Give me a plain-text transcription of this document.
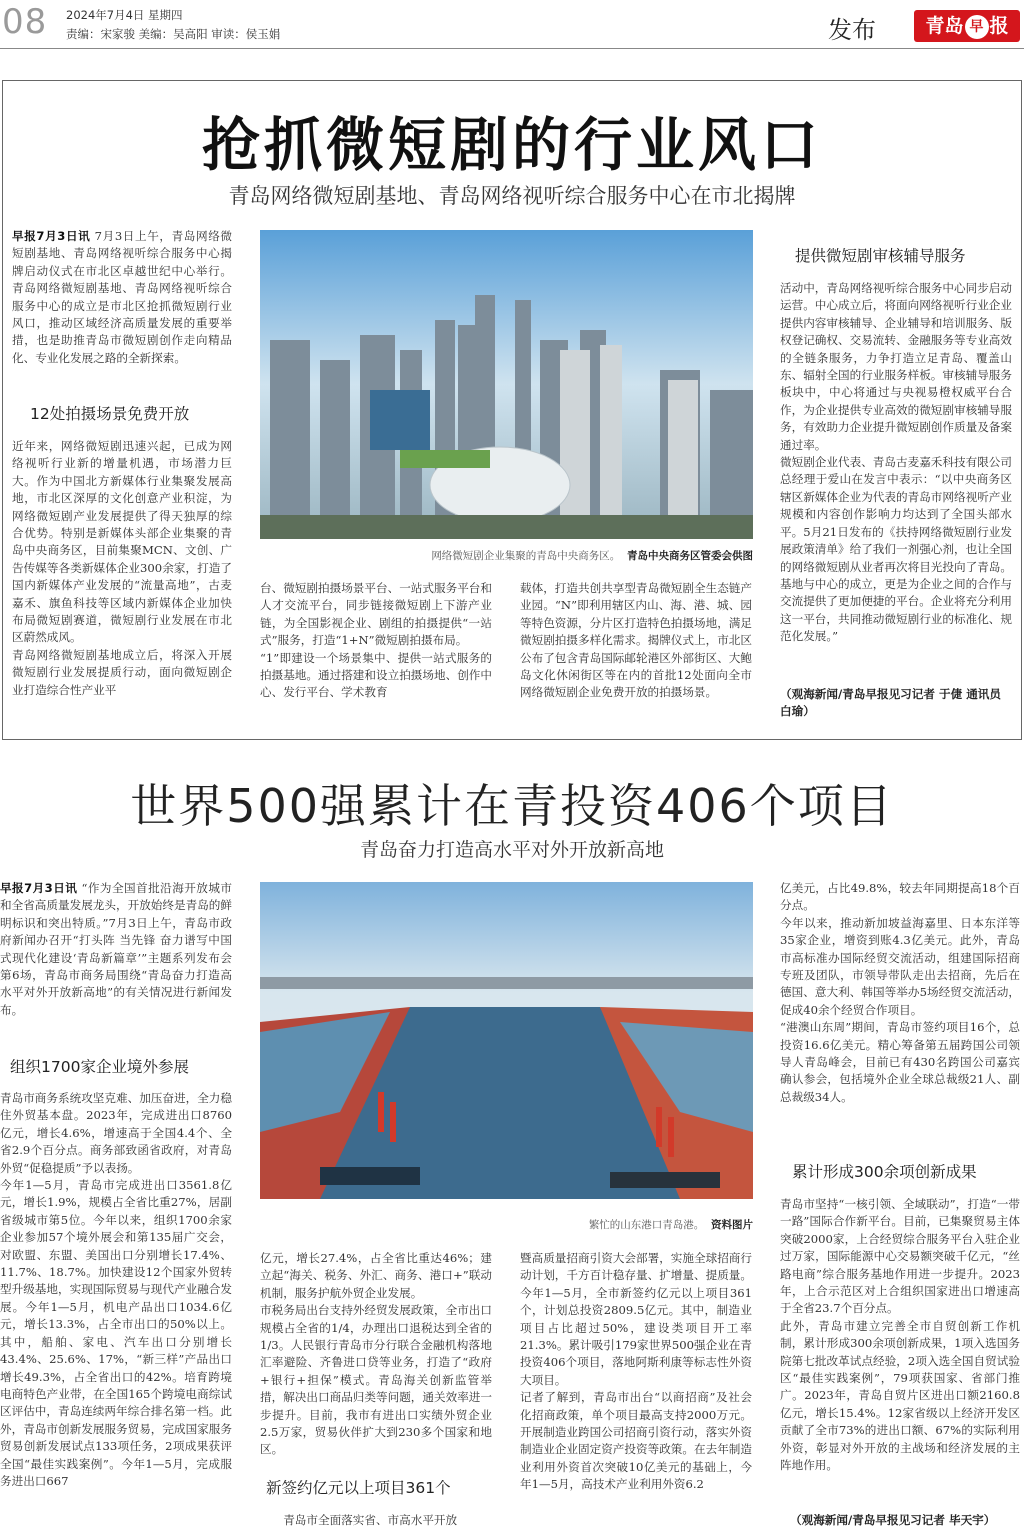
08 2024年7月4日 星期四
责编：宋家骏 美编：吴高阳 审读：侯玉娟	发布	青岛 早 报
抢抓微短剧的行业风口
青岛网络微短剧基地、青岛网络视听综合服务中心在市北揭牌
早报7月3日讯 7月3日上午，青岛网络微短剧基地、青岛网络视听综合服务中心揭牌启动仪式在市北区卓越世纪中心举行。青岛网络微短剧基地、青岛网络视听综合服务中心的成立是市北区抢抓微短剧行业风口，推动区域经济高质量发展的重要举措，也是助推青岛市微短剧创作走向精品化、专业化发展之路的全新探索。
12处拍摄场景免费开放
近年来，网络微短剧迅速兴起，已成为网络视听行业新的增量机遇，市场潜力巨大。作为中国北方新媒体行业集聚发展高地，市北区深厚的文化创意产业积淀，为网络微短剧产业发展提供了得天独厚的综合优势。特别是新媒体头部企业集聚的青岛中央商务区，目前集聚MCN、文创、广告传媒等各类新媒体企业300余家，打造了国内新媒体产业发展的“流量高地”，古麦嘉禾、旗鱼科技等区域内新媒体企业加快布局微短剧赛道，微短剧行业发展在市北区蔚然成风。
青岛网络微短剧基地成立后，将深入开展微短剧行业发展提质行动，面向微短剧企业打造综合性产业平
网络微短剧企业集聚的青岛中央商务区。 青岛中央商务区管委会供图
台、微短剧拍摄场景平台、一站式服务平台和人才交流平台，同步链接微短剧上下游产业链，为全国影视企业、剧组的拍摄提供“一站式”服务，打造“1+N”微短剧拍摄布局。
“1”即建设一个场景集中、提供一站式服务的拍摄基地。通过搭建和设立拍摄场地、创作中心、发行平台、学术教育
载体，打造共创共享型青岛微短剧全生态链产业园。“N”即利用辖区内山、海、港、城、园等特色资源，分片区打造特色拍摄场地，满足微短剧拍摄多样化需求。揭牌仪式上，市北区公布了包含青岛国际邮轮港区外部街区、大鲍岛文化休闲街区等在内的首批12处面向全市网络微短剧企业免费开放的拍摄场景。
提供微短剧审核辅导服务
活动中，青岛网络视听综合服务中心同步启动运营。中心成立后，将面向网络视听行业企业提供内容审核辅导、企业辅导和培训服务、版权登记确权、交易流转、金融服务等专业高效的全链条服务，力争打造立足青岛、覆盖山东、辐射全国的行业服务样板。审核辅导服务板块中，中心将通过与央视易橙权威平台合作，为企业提供专业高效的微短剧审核辅导服务，有效助力企业提升微短剧创作质量及备案通过率。
微短剧企业代表、青岛古麦嘉禾科技有限公司总经理于爱山在发言中表示：“以中央商务区辖区新媒体企业为代表的青岛市网络视听产业规模和内容创作影响力均达到了全国头部水平。5月21日发布的《扶持网络微短剧行业发展政策清单》给了我们一剂强心剂，也让全国的网络微短剧从业者再次将目光投向了青岛。基地与中心的成立，更是为企业之间的合作与交流提供了更加便捷的平台。企业将充分利用这一平台，共同推动微短剧行业的标准化、规范化发展。”
（观海新闻/青岛早报见习记者 于倢 通讯员 白瑜）
世界500强累计在青投资406个项目
青岛奋力打造高水平对外开放新高地
早报7月3日讯 “作为全国首批沿海开放城市和全省高质量发展龙头，开放始终是青岛的鲜明标识和突出特质。”7月3日上午，青岛市政府新闻办召开“打头阵 当先锋 奋力谱写中国式现代化建设‘青岛新篇章’”主题系列发布会第6场，青岛市商务局围绕“青岛奋力打造高水平对外开放新高地”的有关情况进行新闻发布。
组织1700家企业境外参展
青岛市商务系统攻坚克难、加压奋进，全力稳住外贸基本盘。2023年，完成进出口8760亿元，增长4.6%，增速高于全国4.4个、全省2.9个百分点。商务部致函省政府，对青岛外贸“促稳提质”予以表扬。
今年1—5月，青岛市完成进出口3561.8亿元，增长1.9%，规模占全省比重27%，居副省级城市第5位。今年以来，组织1700余家企业参加57个境外展会和第135届广交会，对欧盟、东盟、美国出口分别增长17.4%、11.7%、18.7%。加快建设12个国家外贸转型升级基地，实现国际贸易与现代产业融合发展。今年1—5月，机电产品出口1034.6亿元，增长13.3%，占全市出口的50%以上。其中，船舶、家电、汽车出口分别增长43.4%、25.6%、17%，“新三样”产品出口增长49.3%，占全省出口的42%。培育跨境电商特色产业带，在全国165个跨境电商综试区评估中，青岛连续两年综合排名第一档。此外，青岛市创新发展服务贸易，完成国家服务贸易创新发展试点133项任务，2项成果获评全国“最佳实践案例”。今年1—5月，完成服务进出口667
繁忙的山东港口青岛港。 资料图片
亿元，增长27.4%，占全省比重达46%；建立起“海关、税务、外汇、商务、港口+”联动机制，服务护航外贸企业发展。
市税务局出台支持外经贸发展政策，全市出口规模占全省的1/4，办理出口退税达到全省的1/3。人民银行青岛市分行联合金融机构落地汇率避险、齐鲁进口贷等业务，打造了“政府+银行+担保”模式。青岛海关创新监管举措，解决出口商品归类等问题，通关效率进一步提升。目前，我市有进出口实绩外贸企业2.5万家，贸易伙伴扩大到230多个国家和地区。
新签约亿元以上项目361个
青岛市全面落实省、市高水平开放
暨高质量招商引资大会部署，实施全球招商行动计划，千方百计稳存量、扩增量、提质量。今年1—5月，全市新签约亿元以上项目361个，计划总投资2809.5亿元。其中，制造业项目占比超过50%，建设类项目开工率21.3%。累计吸引179家世界500强企业在青投资406个项目，落地阿斯利康等标志性外资大项目。
记者了解到，青岛市出台“以商招商”及社会化招商政策，单个项目最高支持2000万元。开展制造业跨国公司招商引资行动，落实外资制造业企业固定资产投资等政策。在去年制造业利用外资首次突破10亿美元的基础上，今年1—5月，高技术产业利用外资6.2
亿美元，占比49.8%，较去年同期提高18个百分点。
今年以来，推动新加坡益海嘉里、日本东洋等35家企业，增资到账4.3亿美元。此外，青岛市高标准办国际经贸交流活动，组建国际招商专班及团队，市领导带队走出去招商，先后在德国、意大利、韩国等举办5场经贸交流活动，促成40余个经贸合作项目。
“港澳山东周”期间，青岛市签约项目16个，总投资16.6亿美元。精心筹备第五届跨国公司领导人青岛峰会，目前已有430名跨国公司嘉宾确认参会，包括境外企业全球总裁级21人、副总裁级34人。
累计形成300余项创新成果
青岛市坚持“一核引领、全域联动”，打造“一带一路”国际合作新平台。目前，已集聚贸易主体突破2000家，上合经贸综合服务平台入驻企业过万家，国际能源中心交易额突破千亿元，“丝路电商”综合服务基地作用进一步提升。2023年，上合示范区对上合组织国家进出口增速高于全省23.7个百分点。
此外，青岛市建立完善全市自贸创新工作机制，累计形成300余项创新成果，1项入选国务院第七批改革试点经验，2项入选全国自贸试验区“最佳实践案例”，79项获国家、省部门推广。2023年，青岛自贸片区进出口额2160.8亿元，增长15.4%。12家省级以上经济开发区贡献了全市73%的进出口额、67%的实际利用外资，彰显对外开放的主战场和经济发展的主阵地作用。
（观海新闻/青岛早报见习记者 毕天宇）
